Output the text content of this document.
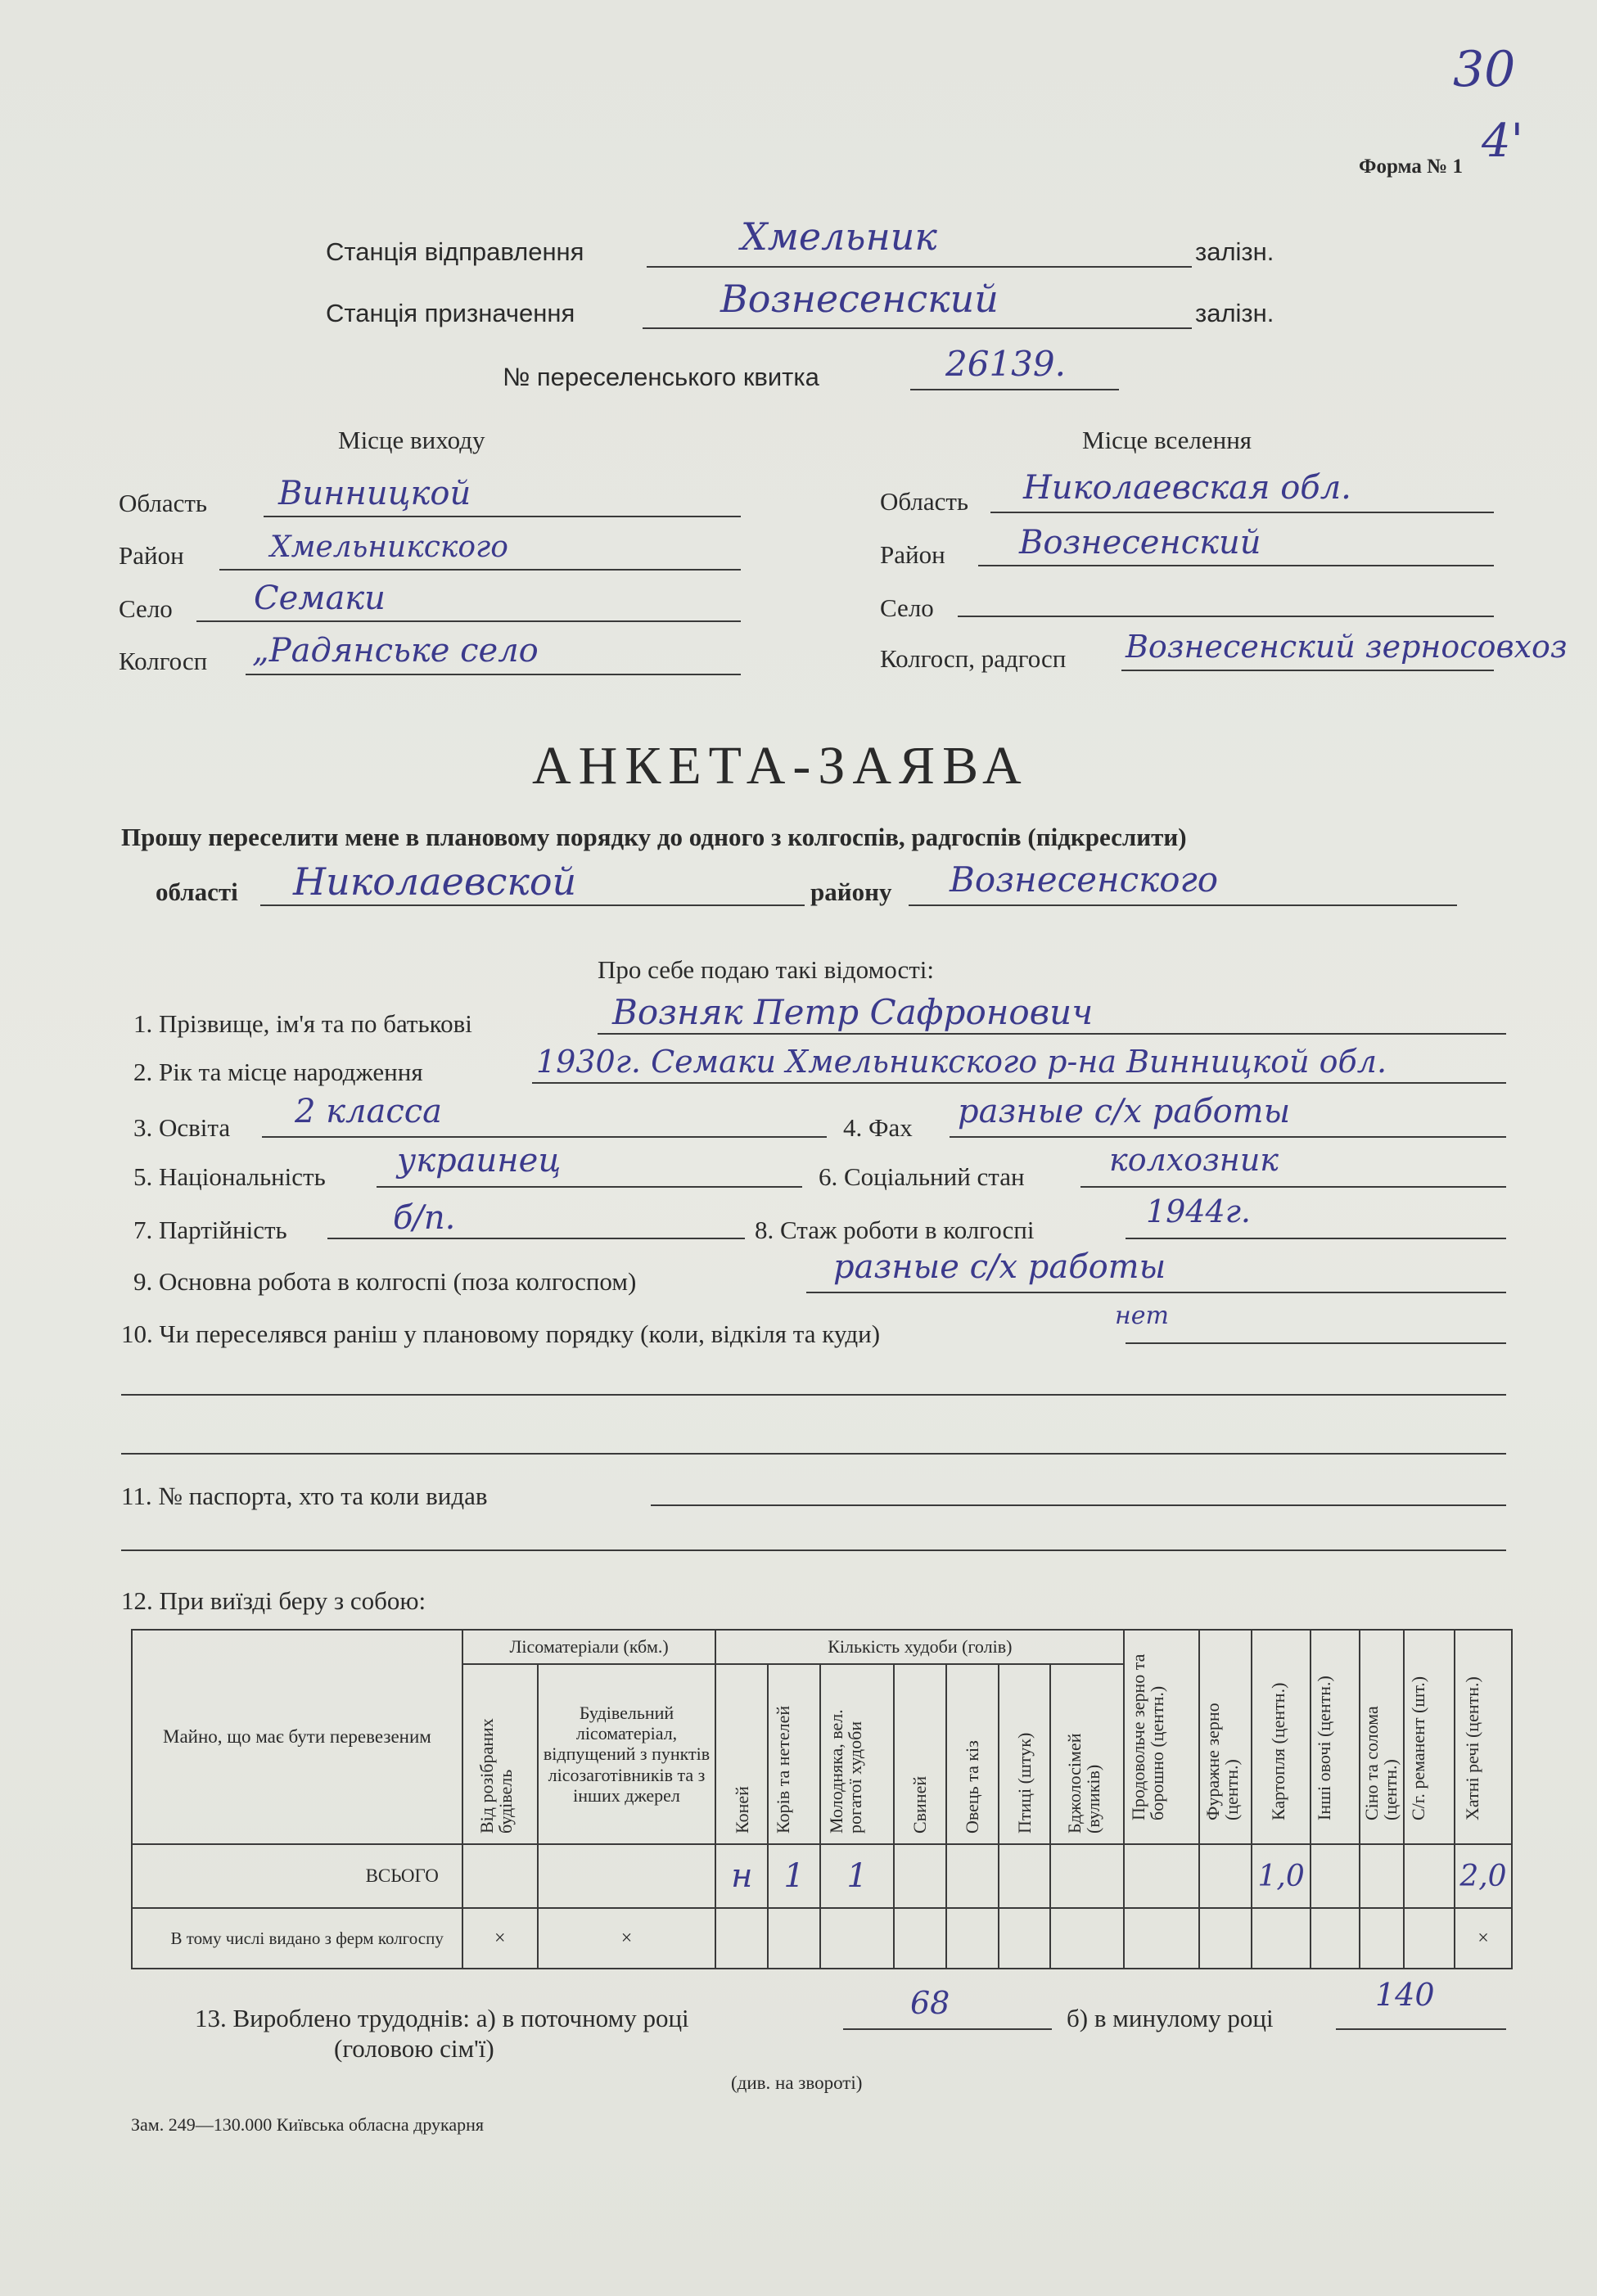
30
4'
Форма № 1
Станція відправлення	Хмельник	залізн.
Станція призначення	Вознесенский	залізн.
№ переселенського квитка	26139.
Місце виходу
Область Винницкой
Район	Хмельникского
Село Семаки
Колгосп „Радянське село
Місце вселення
Область Николаевская обл.
Район Вознесенский
Село
Колгосп, радгосп Вознесенский зерносовхоз
АНКЕТА-ЗАЯВА
Прошу переселити мене в плановому порядку до одного з колгоспів, радгоспів (підкреслити)
області Николаевской	району Вознесенского
Про себе подаю такі відомості:
1. Прізвище, ім'я та по батькові	Возняк Петр Сафронович
2. Рік та місце народження	1930г. Семаки Хмельникского р-на Винницкой обл.
3. Освіта 2 класса	4. Фах разные с/х работы
5. Національність украинец	6. Соціальний стан	колхозник
7. Партійність	б/п.	8. Стаж роботи в колгоспі
1944г.
9. Основна робота в колгоспі (поза колгоспом)	разные с/х работы
10. Чи переселявся раніш у плановому порядку (коли, відкіля та куди)
нет
11. № паспорта, хто та коли видав
12. При виїзді беру з собою:
Майно, що має бути перевезеним	Лісоматеріали (кбм.)		Кількість худоби (голів)							Продовольче зерно та борошно (центн.)	Фуражне зерно (центн.)	Картопля (центн.)	Інші овочі (центн.)	Сіно та солома (центн.)	С/г. реманент (шт.)	Хатні речі (центн.)
	Від розібраних будівель	Будівельний лісоматеріал, відпущений з пунктів лісозаготівників та з інших джерел	Коней	Корів та нетелей	Молодняка, вел. рогатої худоби	Свиней	Овець та кіз	Птиці (штук)	Бджолосімей (вуликів)							
ВСЬОГО			н	1	1							1,0				2,0
В тому числі видано з ферм колгоспу	×	×														×
13. Вироблено трудоднів: а) в поточному році	68	б) в минулому році
140
(головою сім'ї)
(див. на звороті)
Зам. 249—130.000 Київська обласна друкарня
